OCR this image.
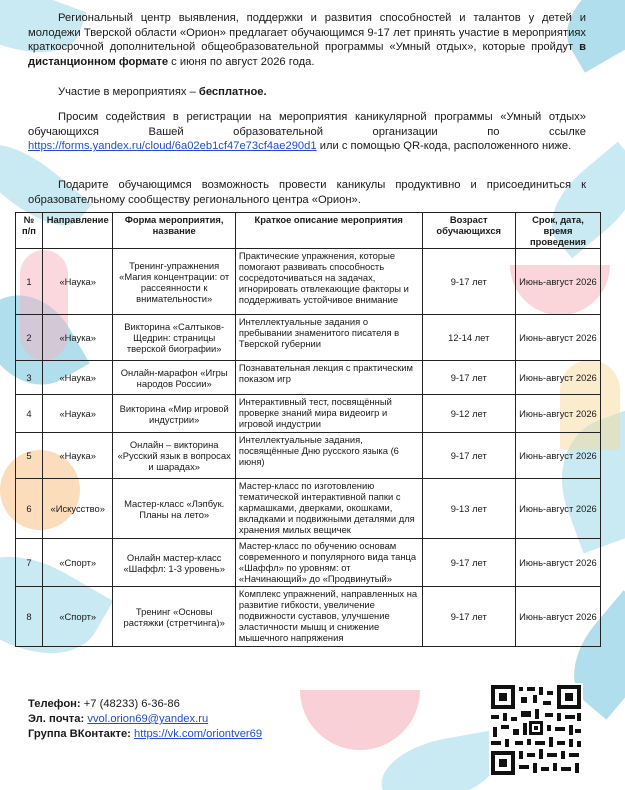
Региональный центр выявления, поддержки и развития способностей и талантов у детей и молодежи Тверской области «Орион» предлагает обучающимся 9-17 лет принять участие в мероприятиях краткосрочной дополнительной общеобразовательной программы «Умный отдых», которые пройдут в дистанционном формате с июня по август 2026 года.

Участие в мероприятиях – бесплатное.

Просим содействия в регистрации на мероприятия каникулярной программы «Умный отдых» обучающихся Вашей образовательной организации по ссылке https://forms.yandex.ru/cloud/6a02eb1cf47e73cf4ae290d1 или с помощью QR-кода, расположенного ниже.

Подарите обучающимся возможность провести каникулы продуктивно и присоединиться к образовательному сообществу регионального центра «Орион».

№ п/п	Направление	Форма мероприятия, название	Краткое описание мероприятия	Возраст обучающихся	Срок, дата, время проведения
1	«Наука»	Тренинг-упражнения «Магия концентрации: от рассеянности к внимательности»	Практические упражнения, которые помогают развивать способность сосредоточиваться на задачах, игнорировать отвлекающие факторы и поддерживать устойчивое внимание	9-17 лет	Июнь-август 2026
2	«Наука»	Викторина «Салтыков-Щедрин: страницы тверской биографии»	Интеллектуальные задания о пребывании знаменитого писателя в Тверской губернии	12-14 лет	Июнь-август 2026
3	«Наука»	Онлайн-марафон «Игры народов России»	Познавательная лекция с практическим показом игр	9-17 лет	Июнь-август 2026
4	«Наука»	Викторина «Мир игровой индустрии»	Интерактивный тест, посвящённый проверке знаний мира видеоигр и игровой индустрии	9-12 лет	Июнь-август 2026
5	«Наука»	Онлайн – викторина «Русский язык в вопросах и шарадах»	Интеллектуальные задания, посвящённые Дню русского языка (6 июня)	9-17 лет	Июнь-август 2026
6	«Искусство»	Мастер-класс «Лэпбук. Планы на лето»	Мастер-класс по изготовлению тематической интерактивной папки с кармашками, дверками, окошками, вкладками и подвижными деталями для хранения милых вещичек	9-13 лет	Июнь-август 2026
7	«Спорт»	Онлайн мастер-класс «Шаффл: 1-3 уровень»	Мастер-класс по обучению основам современного и популярного вида танца «Шаффл» по уровням: от «Начинающий» до «Продвинутый»	9-17 лет	Июнь-август 2026
8	«Спорт»	Тренинг «Основы растяжки (стретчинга)»	Комплекс упражнений, направленных на развитие гибкости, увеличение подвижности суставов, улучшение эластичности мышц и снижение мышечного напряжения	9-17 лет	Июнь-август 2026
Телефон: +7 (48233) 6-36-86
Эл. почта: vvol.orion69@yandex.ru
Группа ВКонтакте: https://vk.com/oriontver69
